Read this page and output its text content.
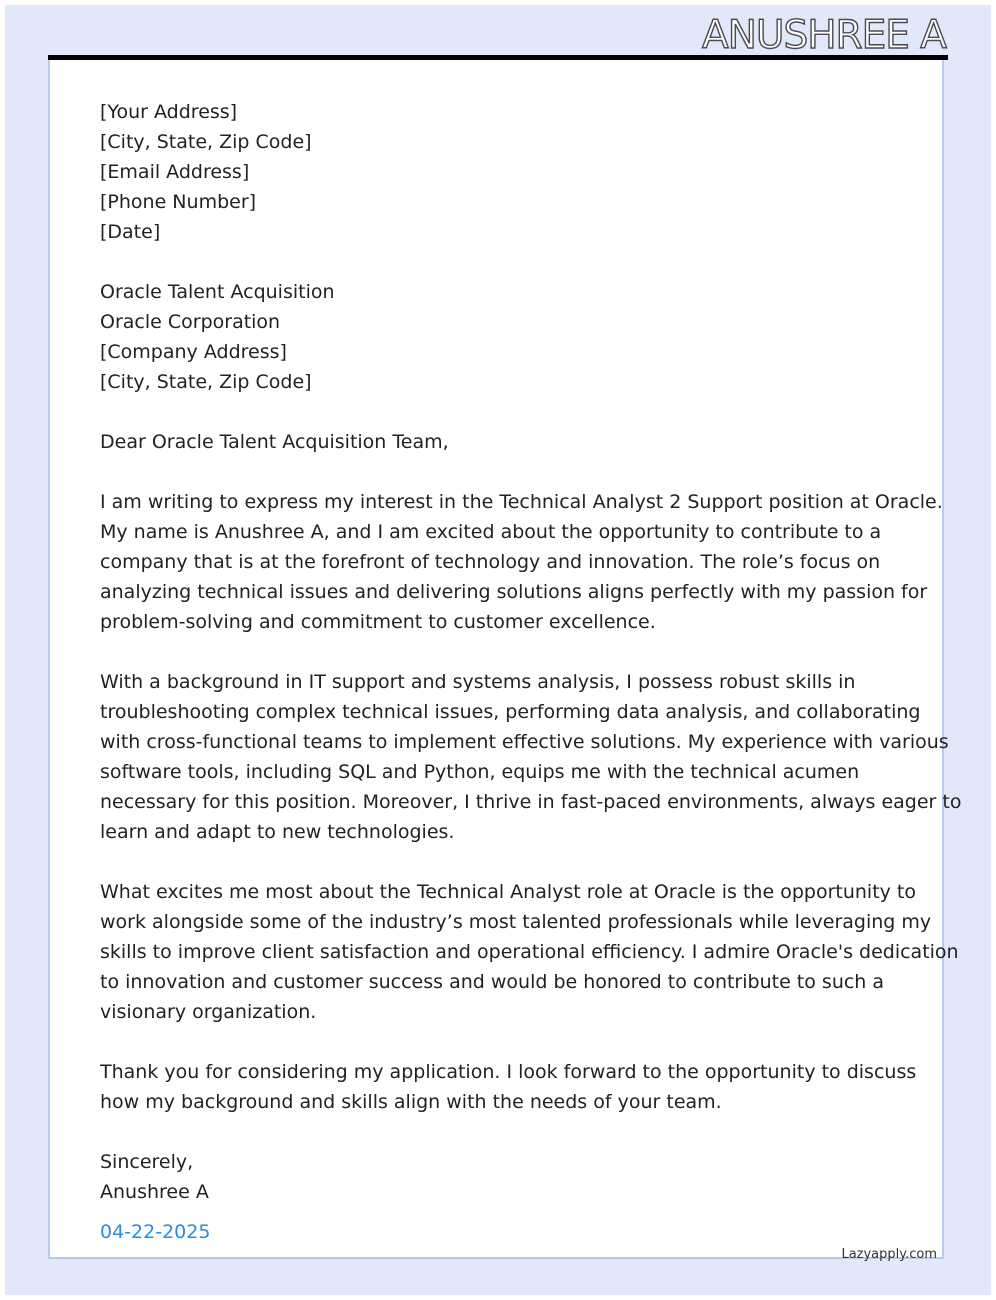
ANUSHREE A
[Your Address]
[City, State, Zip Code]
[Email Address]
[Phone Number]
[Date]
Oracle Talent Acquisition
Oracle Corporation
[Company Address]
[City, State, Zip Code]
Dear Oracle Talent Acquisition Team,
I am writing to express my interest in the Technical Analyst 2 Support position at Oracle.
My name is Anushree A, and I am excited about the opportunity to contribute to a
company that is at the forefront of technology and innovation. The role’s focus on
analyzing technical issues and delivering solutions aligns perfectly with my passion for
problem-solving and commitment to customer excellence.
With a background in IT support and systems analysis, I possess robust skills in
troubleshooting complex technical issues, performing data analysis, and collaborating
with cross-functional teams to implement effective solutions. My experience with various
software tools, including SQL and Python, equips me with the technical acumen
necessary for this position. Moreover, I thrive in fast-paced environments, always eager to
learn and adapt to new technologies.
What excites me most about the Technical Analyst role at Oracle is the opportunity to
work alongside some of the industry’s most talented professionals while leveraging my
skills to improve client satisfaction and operational efficiency. I admire Oracle's dedication
to innovation and customer success and would be honored to contribute to such a
visionary organization.
Thank you for considering my application. I look forward to the opportunity to discuss
how my background and skills align with the needs of your team.
Sincerely,
Anushree A
04-22-2025
Lazyapply.com
